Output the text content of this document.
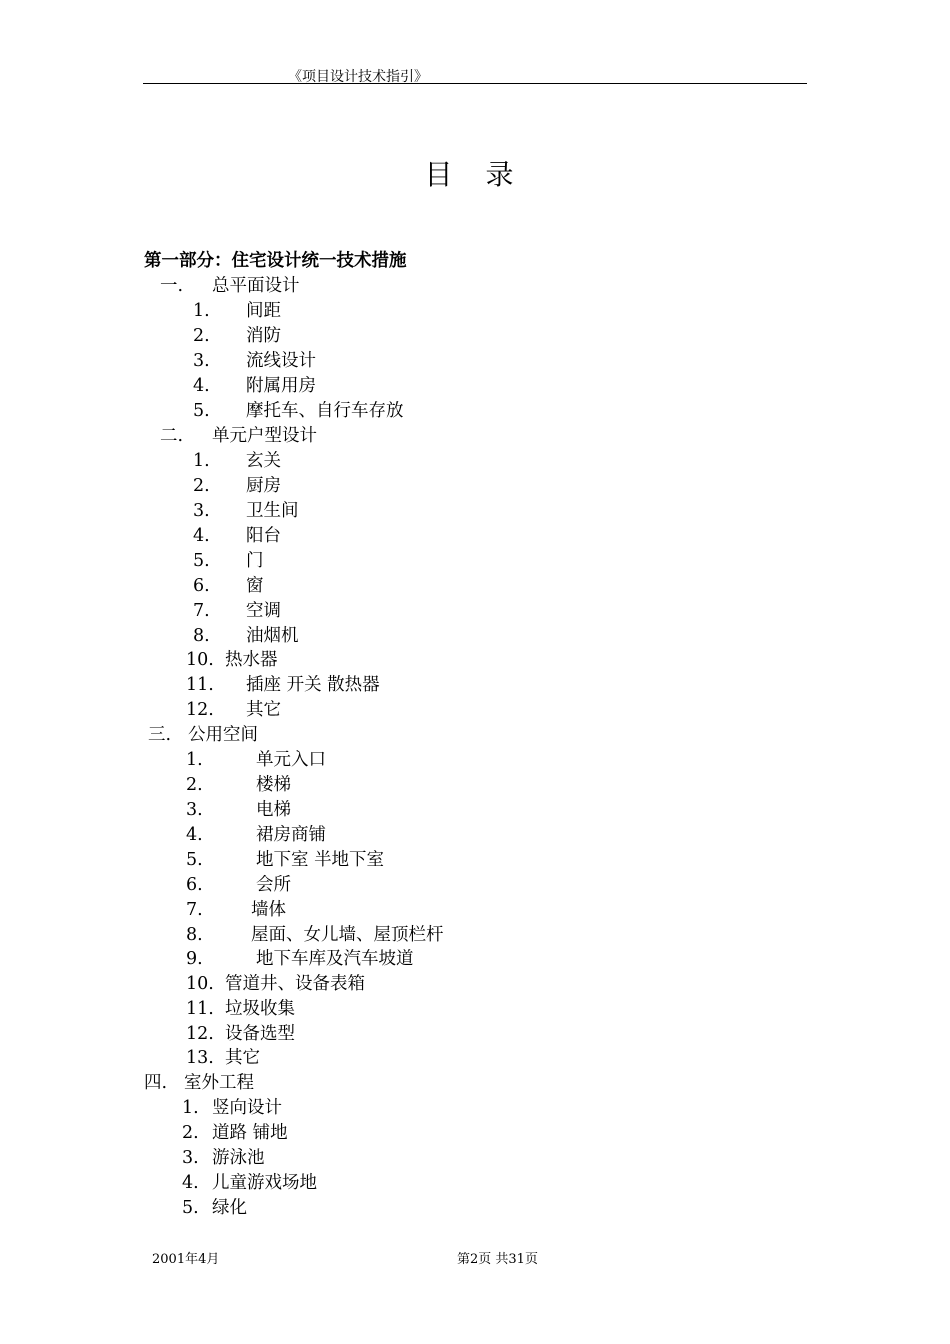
《项目设计技术指引》
目 录
第一部分：住宅设计统一技术措施
一. 总平面设计
1. 间距
2. 消防
3. 流线设计
4. 附属用房
5. 摩托车、自行车存放
二. 单元户型设计
1. 玄关
2. 厨房
3. 卫生间
4. 阳台
5. 门
6. 窗
7. 空调
8. 油烟机
10. 热水器
11. 插座 开关 散热器
12. 其它
三. 公用空间
1.	单元入口
2.	楼梯
3.	电梯
4.	裙房商铺
5.	地下室 半地下室
6.	会所
7.	墙体
8.	屋面、女儿墙、屋顶栏杆
9.	地下车库及汽车坡道
10. 管道井、设备表箱
11. 垃圾收集
12. 设备选型
13. 其它
四. 室外工程
1. 竖向设计
2. 道路 铺地
3. 游泳池
4. 儿童游戏场地
5. 绿化
2001年4月	第2页 共31页
